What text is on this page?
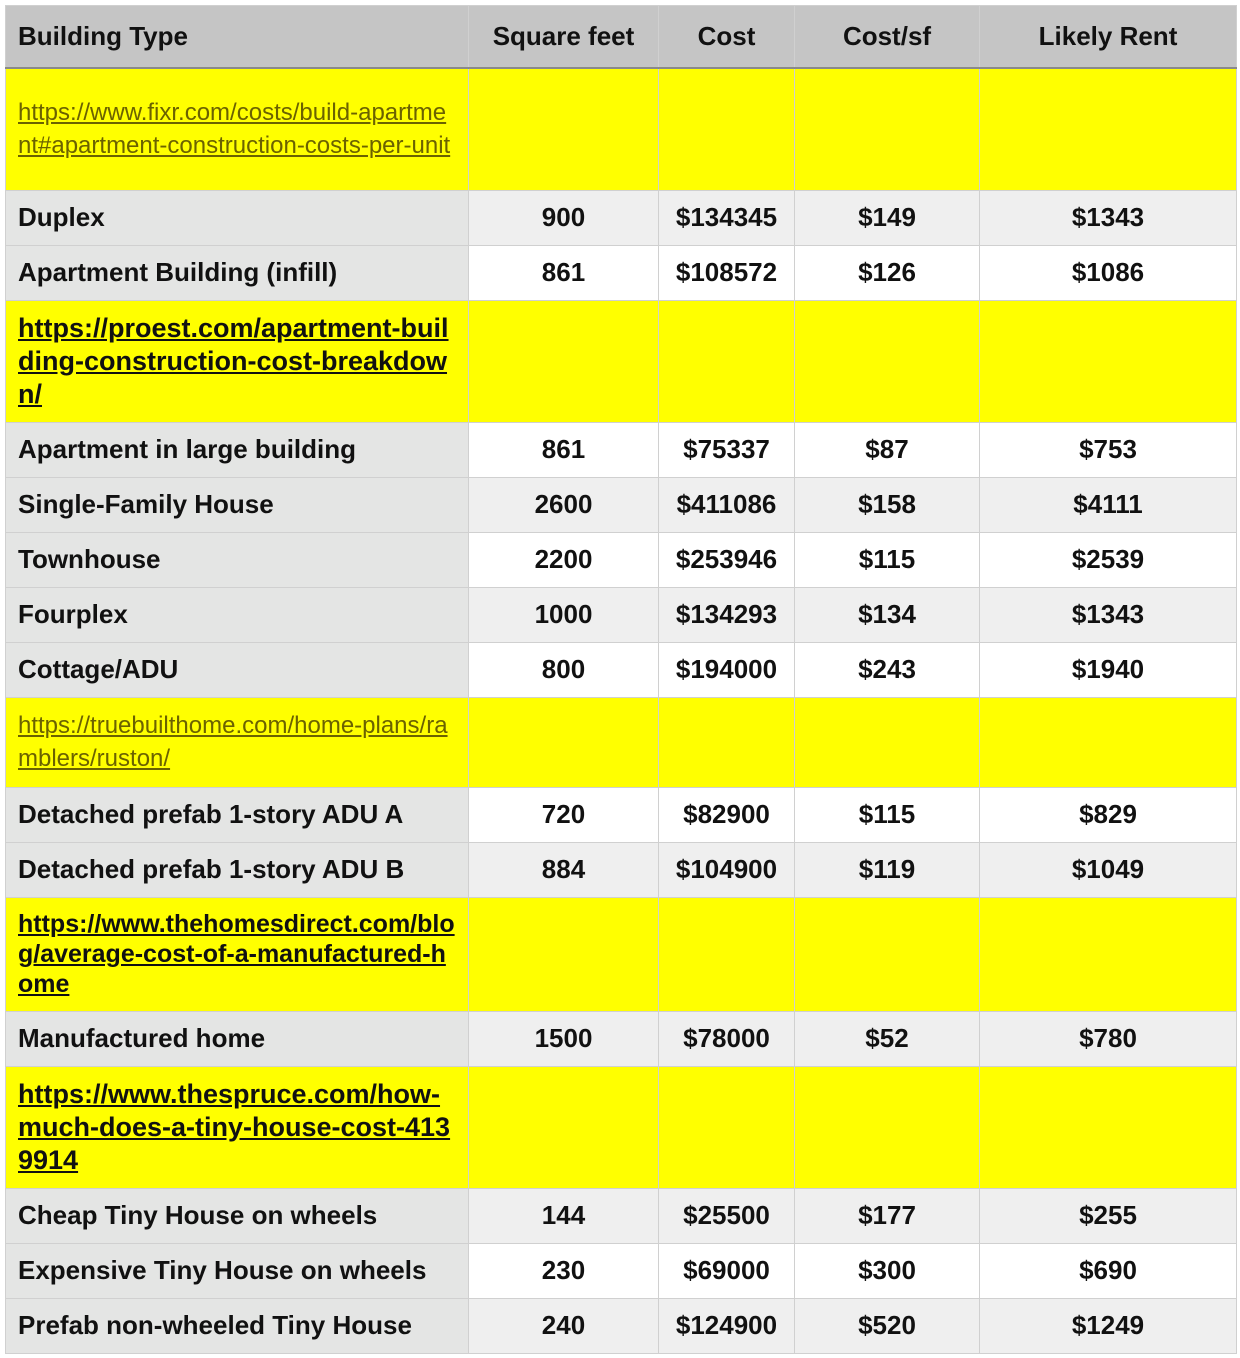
Building Type	Square feet	Cost	Cost/sf	Likely Rent

https://www.fixr.com/costs/build-apartment#apartment-construction-costs-per-unit				

Duplex	900	$134345	$149	$1343
Apartment Building (infill)	861	$108572	$126	$1086

https://proest.com/apartment-building-construction-cost-breakdown/				

Apartment in large building	861	$75337	$87	$753
Single-Family House	2600	$411086	$158	$4111
Townhouse	2200	$253946	$115	$2539
Fourplex	1000	$134293	$134	$1343
Cottage/ADU	800	$194000	$243	$1940

https://truebuilthome.com/home-plans/ramblers/ruston/				

Detached prefab 1-story ADU A	720	$82900	$115	$829
Detached prefab 1-story ADU B	884	$104900	$119	$1049

https://www.thehomesdirect.com/blog/average-cost-of-a-manufactured-home				

Manufactured home	1500	$78000	$52	$780

https://www.thespruce.com/how-much-does-a-tiny-house-cost-4139914				

Cheap Tiny House on wheels	144	$25500	$177	$255
Expensive Tiny House on wheels	230	$69000	$300	$690
Prefab non-wheeled Tiny House	240	$124900	$520	$1249
